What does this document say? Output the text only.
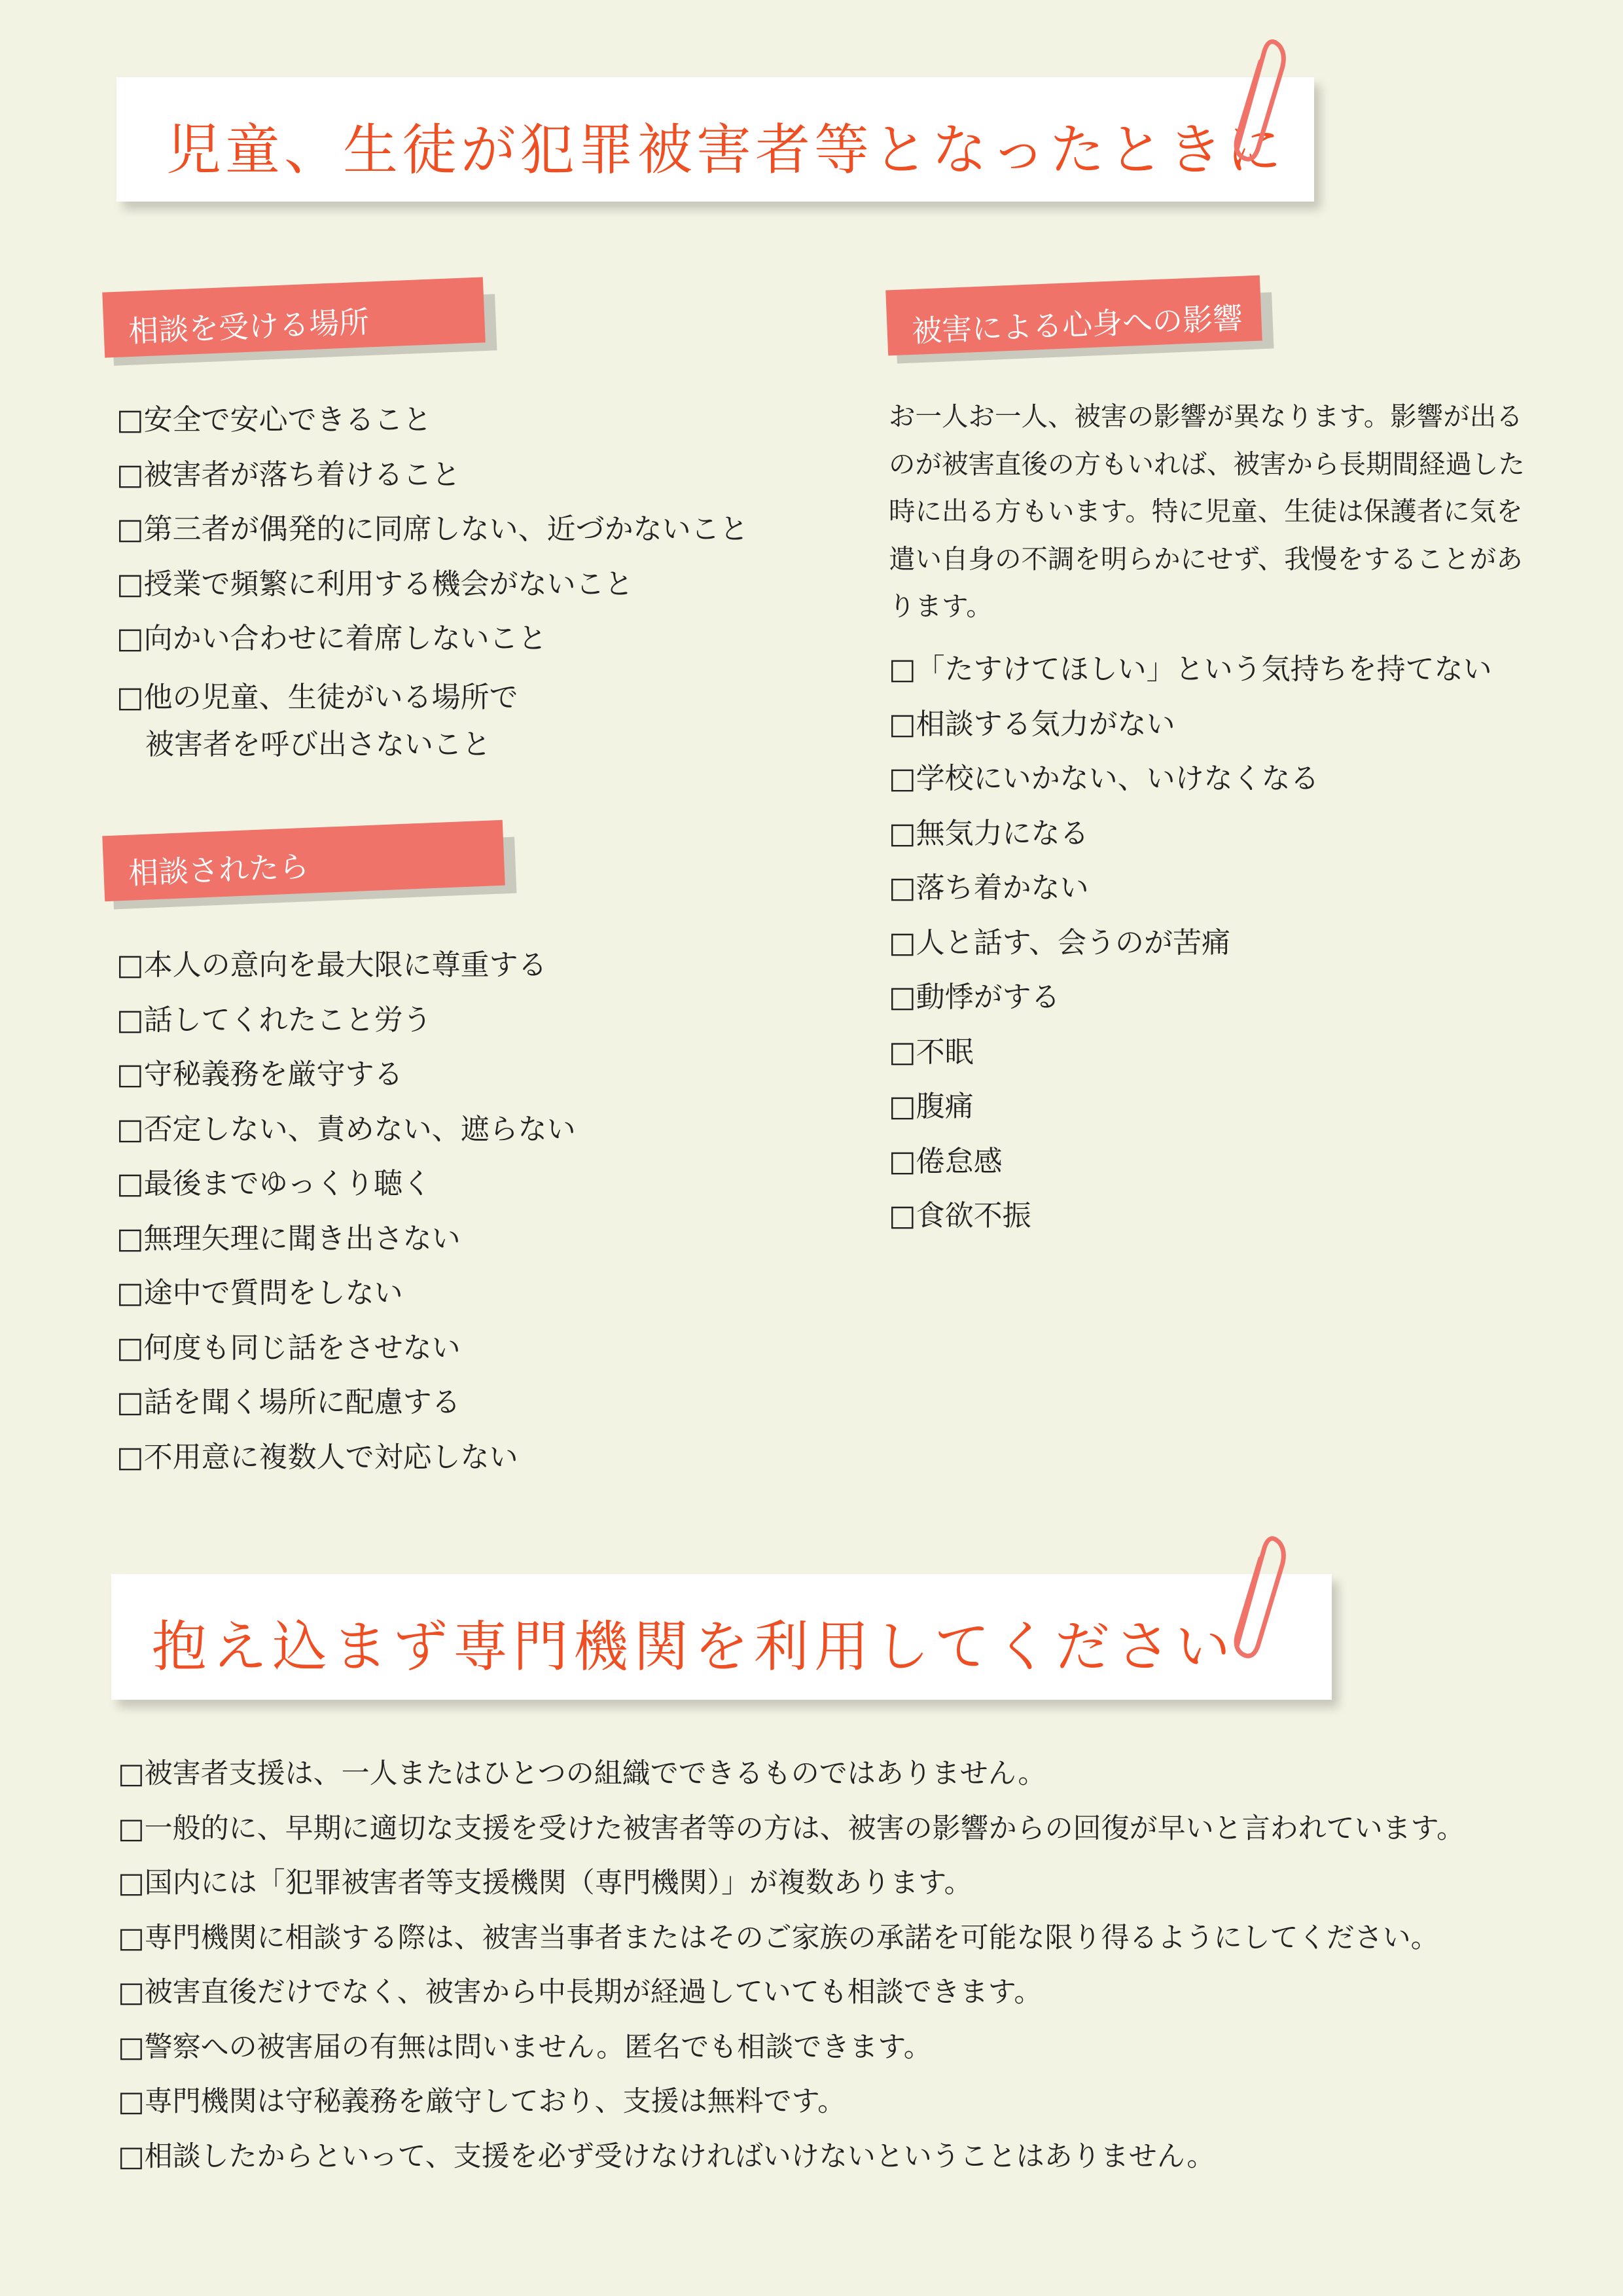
児童、生徒が犯罪被害者等となったときに
相談を受ける場所
□安全で安心できること
□被害者が落ち着けること
□第三者が偶発的に同席しない、近づかないこと
□授業で頻繁に利用する機会がないこと
□向かい合わせに着席しないこと
□他の児童、生徒がいる場所で
被害者を呼び出さないこと
相談されたら
□本人の意向を最大限に尊重する
□話してくれたこと労う
□守秘義務を厳守する
□否定しない、責めない、遮らない
□最後までゆっくり聴く
□無理矢理に聞き出さない
□途中で質問をしない
□何度も同じ話をさせない
□話を聞く場所に配慮する
□不用意に複数人で対応しない
被害による心身への影響

お一人お一人、被害の影響が異なります。影響が出るのが被害直後の方もいれば、被害から長期間経過した時に出る方もいます。特に児童、生徒は保護者に気を遣い自身の不調を明らかにせず、我慢をすることがあります。

□「たすけてほしい」という気持ちを持てない
□相談する気力がない
□学校にいかない、いけなくなる
□無気力になる
□落ち着かない
□人と話す、会うのが苦痛
□動悸がする
□不眠
□腹痛
□倦怠感
□食欲不振
抱え込まず専門機関を利用してください
□被害者支援は、一人またはひとつの組織でできるものではありません。
□一般的に、早期に適切な支援を受けた被害者等の方は、被害の影響からの回復が早いと言われています。
□国内には「犯罪被害者等支援機関（専門機関）」が複数あります。
□専門機関に相談する際は、被害当事者またはそのご家族の承諾を可能な限り得るようにしてください。
□被害直後だけでなく、被害から中長期が経過していても相談できます。
□警察への被害届の有無は問いません。匿名でも相談できます。
□専門機関は守秘義務を厳守しており、支援は無料です。
□相談したからといって、支援を必ず受けなければいけないということはありません。
